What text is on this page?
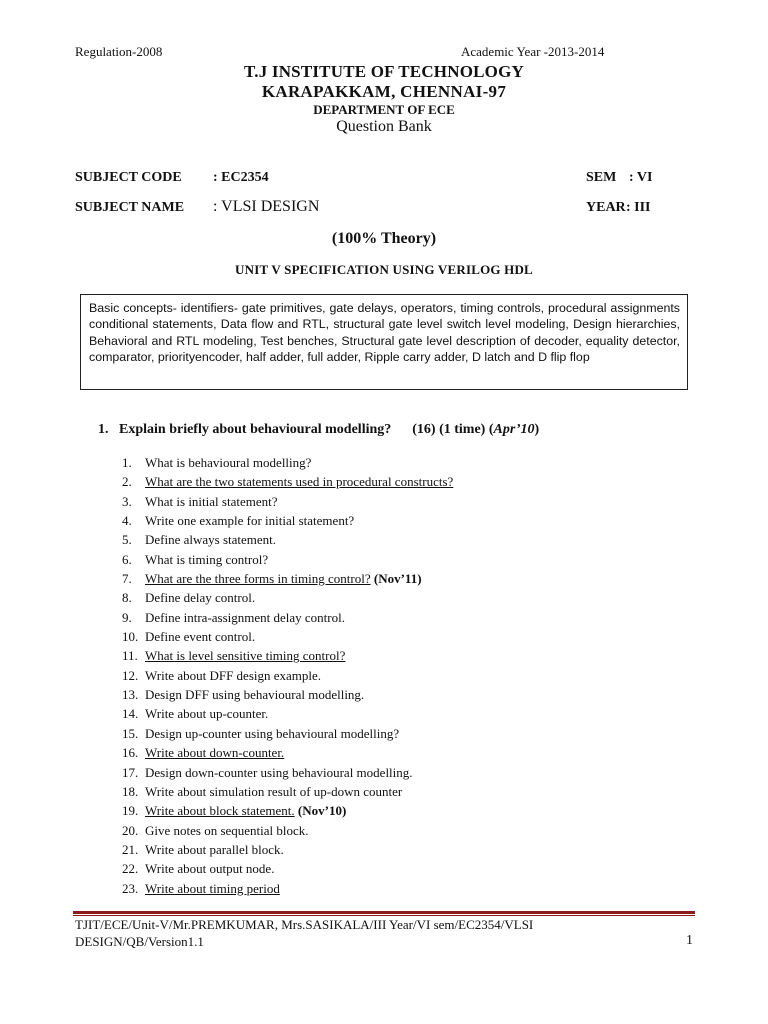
Regulation-2008	Academic Year -2013-2014
T.J INSTITUTE OF TECHNOLOGY
KARAPAKKAM, CHENNAI-97
DEPARTMENT OF ECE
Question Bank
SUBJECT CODE : EC2354	SEM : VI
SUBJECT NAME : VLSI DESIGN	YEAR : III
(100% Theory)
UNIT V SPECIFICATION USING VERILOG HDL
Basic concepts- identifiers- gate primitives, gate delays, operators, timing controls, procedural assignments conditional statements, Data flow and RTL, structural gate level switch level modeling, Design hierarchies, Behavioral and RTL modeling, Test benches, Structural gate level description of decoder, equality detector, comparator, priorityencoder, half adder, full adder, Ripple carry adder, D latch and D flip flop
1. Explain briefly about behavioural modelling? (16) (1 time) (Apr’10)
1. What is behavioural modelling?
2. What are the two statements used in procedural constructs?
3. What is initial statement?
4. Write one example for initial statement?
5. Define always statement.
6. What is timing control?
7. What are the three forms in timing control? (Nov’11)
8. Define delay control.
9. Define intra-assignment delay control.
10. Define event control.
11. What is level sensitive timing control?
12. Write about DFF design example.
13. Design DFF using behavioural modelling.
14. Write about up-counter.
15. Design up-counter using behavioural modelling?
16. Write about down-counter.
17. Design down-counter using behavioural modelling.
18. Write about simulation result of up-down counter
19. Write about block statement. (Nov’10)
20. Give notes on sequential block.
21. Write about parallel block.
22. Write about output node.
23. Write about timing period
TJIT/ECE/Unit-V/Mr.PREMKUMAR, Mrs.SASIKALA/III Year/VI sem/EC2354/VLSI DESIGN/QB/Version1.1	1
